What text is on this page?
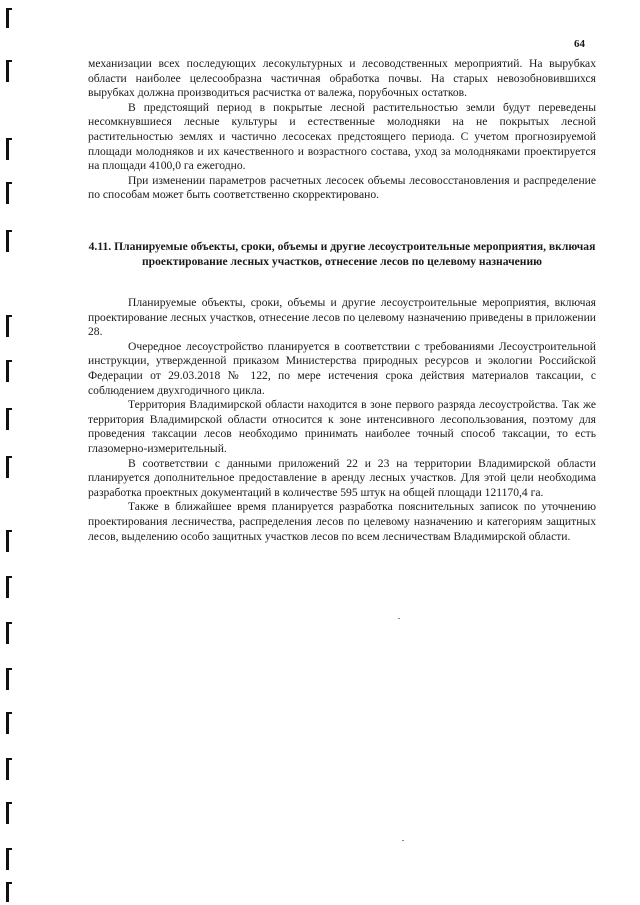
64

механизации всех последующих лесокультурных и лесоводственных мероприятий. На вырубках области наиболее целесообразна частичная обработка почвы. На старых невозобновившихся вырубках должна производиться расчистка от валежа, порубочных остатков.

В предстоящий период в покрытые лесной растительностью земли будут переведены несомкнувшиеся лесные культуры и естественные молодняки на не покрытых лесной растительностью землях и частично лесосеках предстоящего периода. С учетом прогнозируемой площади молодняков и их качественного и возрастного состава, уход за молодняками проектируется на площади 4100,0 га ежегодно.

При изменении параметров расчетных лесосек объемы лесовосстановления и распределение по способам может быть соответственно скорректировано.

4.11. Планируемые объекты, сроки, объемы и другие лесоустроительные мероприятия, включая проектирование лесных участков, отнесение лесов по целевому назначению

Планируемые объекты, сроки, объемы и другие лесоустроительные мероприятия, включая проектирование лесных участков, отнесение лесов по целевому назначению приведены в приложении 28.

Очередное лесоустройство планируется в соответствии с требованиями Лесоустроительной инструкции, утвержденной приказом Министерства природных ресурсов и экологии Российской Федерации от 29.03.2018 № 122, по мере истечения срока действия материалов таксации, с соблюдением двухгодичного цикла.

Территория Владимирской области находится в зоне первого разряда лесоустройства. Так же территория Владимирской области относится к зоне интенсивного лесопользования, поэтому для проведения таксации лесов необходимо принимать наиболее точный способ таксации, то есть глазомерно-измерительный.

В соответствии с данными приложений 22 и 23 на территории Владимирской области планируется дополнительное предоставление в аренду лесных участков. Для этой цели необходима разработка проектных документаций в количестве 595 штук на общей площади 121170,4 га.

Также в ближайшее время планируется разработка пояснительных записок по уточнению проектирования лесничества, распределения лесов по целевому назначению и категориям защитных лесов, выделению особо защитных участков лесов по всем лесничествам Владимирской области.
